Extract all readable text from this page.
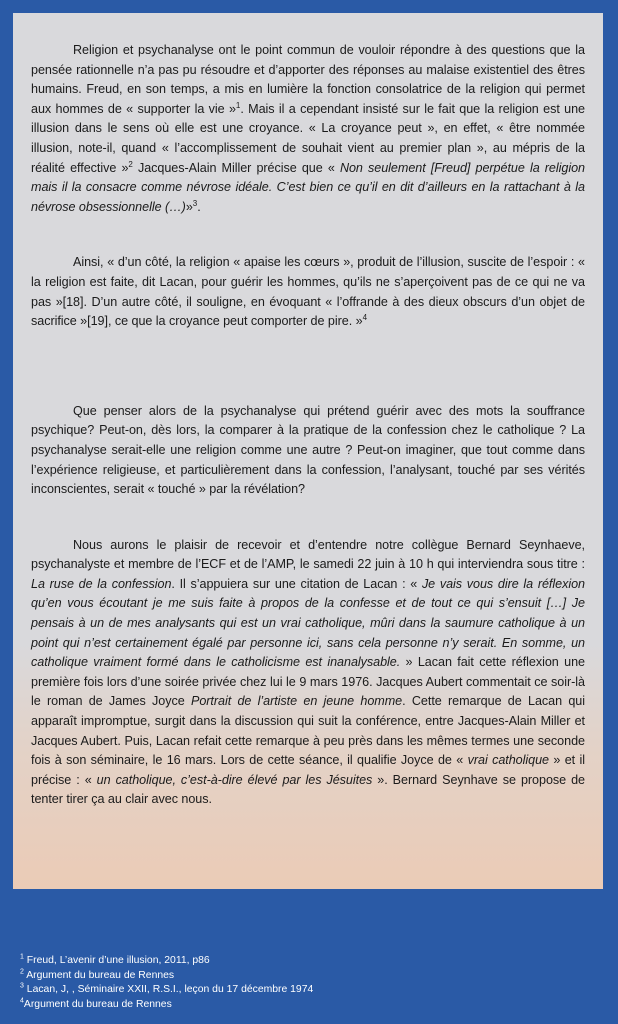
Religion et psychanalyse ont le point commun de vouloir répondre à des questions que la pensée rationnelle n’a pas pu résoudre et d’apporter des réponses au malaise existentiel des êtres humains. Freud, en son temps, a mis en lumière la fonction consolatrice de la religion qui permet aux hommes de « supporter la vie »$^1$. Mais il a cependant insisté sur le fait que la religion est une illusion dans le sens où elle est une croyance. « La croyance peut », en effet, « être nommée illusion, note-il, quand « l’accomplissement de souhait vient au premier plan », au mépris de la réalité effective »$^2$ Jacques-Alain Miller précise que « Non seulement [Freud] perpétue la religion mais il la consacre comme névrose idéale. C’est bien ce qu’il en dit d’ailleurs en la rattachant à la névrose obsessionnelle (…)»$^3$.

Ainsi, « d’un côté, la religion « apaise les cœurs », produit de l’illusion, suscite de l’espoir : « la religion est faite, dit Lacan, pour guérir les hommes, qu’ils ne s’aperçoivent pas de ce qui ne va pas »[18]. D’un autre côté, il souligne, en évoquant « l’offrande à des dieux obscurs d’un objet de sacrifice »[19], ce que la croyance peut comporter de pire. »$^4$

Que penser alors de la psychanalyse qui prétend guérir avec des mots la souffrance psychique? Peut-on, dès lors, la comparer à la pratique de la confession chez le catholique ? La psychanalyse serait-elle une religion comme une autre ? Peut-on imaginer, que tout comme dans l’expérience religieuse, et particulièrement dans la confession, l’analysant, touché par ses vérités inconscientes, serait « touché » par la révélation?

Nous aurons le plaisir de recevoir et d’entendre notre collègue Bernard Seynhaeve, psychanalyste et membre de l’ECF et de l’AMP, le samedi 22 juin à 10 h qui interviendra sous titre : La ruse de la confession. Il s’appuiera sur une citation de Lacan : « Je vais vous dire la réflexion qu’en vous écoutant je me suis faite à propos de la confesse et de tout ce qui s’ensuit […] Je pensais à un de mes analysants qui est un vrai catholique, mûri dans la saumure catholique à un point qui n’est certainement égalé par personne ici, sans cela personne n’y serait. En somme, un catholique vraiment formé dans le catholicisme est inanalysable. » Lacan fait cette réflexion une première fois lors d’une soirée privée chez lui le 9 mars 1976. Jacques Aubert commentait ce soir-là le roman de James Joyce Portrait de l’artiste en jeune homme. Cette remarque de Lacan qui apparaît impromptue, surgit dans la discussion qui suit la conférence, entre Jacques-Alain Miller et Jacques Aubert. Puis, Lacan refait cette remarque à peu près dans les mêmes termes une seconde fois à son séminaire, le 16 mars. Lors de cette séance, il qualifie Joyce de « vrai catholique » et il précise : « un catholique, c’est-à-dire élevé par les Jésuites ». Bernard Seynhave se propose de tenter tirer ça au clair avec nous.

$^1$ Freud, L’avenir d’une illusion, 2011, p86
$^2$ Argument du bureau de Rennes
$^3$ Lacan, J, , Séminaire XXII, R.S.I., leçon du 17 décembre 1974
$^4$Argument du bureau de Rennes
